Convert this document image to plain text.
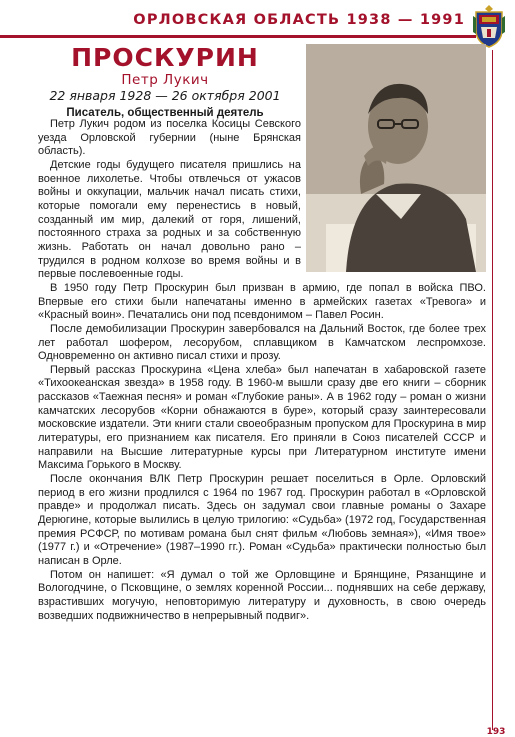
ОРЛОВСКАЯ ОБЛАСТЬ 1938 — 1991
ПРОСКУРИН
Петр Лукич
22 января 1928 — 26 октября 2001
Писатель, общественный деятель

Петр Лукич родом из поселка Косицы Севского уезда Орловской губернии (ныне Брянская область).

Детские годы будущего писателя пришлись на военное лихолетье. Чтобы отвлечься от ужасов войны и оккупации, мальчик начал писать стихи, которые помогали ему перенестись в новый, созданный им мир, далекий от горя, лишений, постоянного страха за родных и за собственную жизнь. Работать он начал довольно рано – трудился в родном колхозе во время войны и в первые послевоенные годы.

В 1950 году Петр Проскурин был призван в армию, где попал в войска ПВО. Впервые его стихи были напечатаны именно в армейских газетах «Тревога» и «Красный воин». Печатались они под псевдонимом – Павел Росин.

После демобилизации Проскурин завербовался на Дальний Восток, где более трех лет работал шофером, лесорубом, сплавщиком в Камчатском леспромхозе. Одновременно он активно писал стихи и прозу.

Первый рассказ Проскурина «Цена хлеба» был напечатан в хабаровской газете «Тихоокеанская звезда» в 1958 году. В 1960-м вышли сразу две его книги – сборник рассказов «Таежная песня» и роман «Глубокие раны». А в 1962 году – роман о жизни камчатских лесорубов «Корни обнажаются в буре», который сразу заинтересовали московские издатели. Эти книги стали своеобразным пропуском для Проскурина в мир литературы, его признанием как писателя. Его приняли в Союз писателей СССР и направили на Высшие литературные курсы при Литературном институте имени Максима Горького в Москву.

После окончания ВЛК Петр Проскурин решает поселиться в Орле. Орловский период в его жизни продлился с 1964 по 1967 год. Проскурин работал в «Орловской правде» и продолжал писать. Здесь он задумал свои главные романы о Захаре Дерюгине, которые вылились в целую трилогию: «Судьба» (1972 год, Государственная премия РСФСР, по мотивам романа был снят фильм «Любовь земная»), «Имя твое» (1977 г.) и «Отречение» (1987–1990 гг.). Роман «Судьба» практически полностью был написан в Орле.

Потом он напишет: «Я думал о той же Орловщине и Брянщине, Рязанщине и Вологодчине, о Псковщине, о землях коренной России... поднявших на себе державу, взрастивших могучую, неповторимую литературу и духовность, в свою очередь возведших подвижничество в непрерывный подвиг».

193
